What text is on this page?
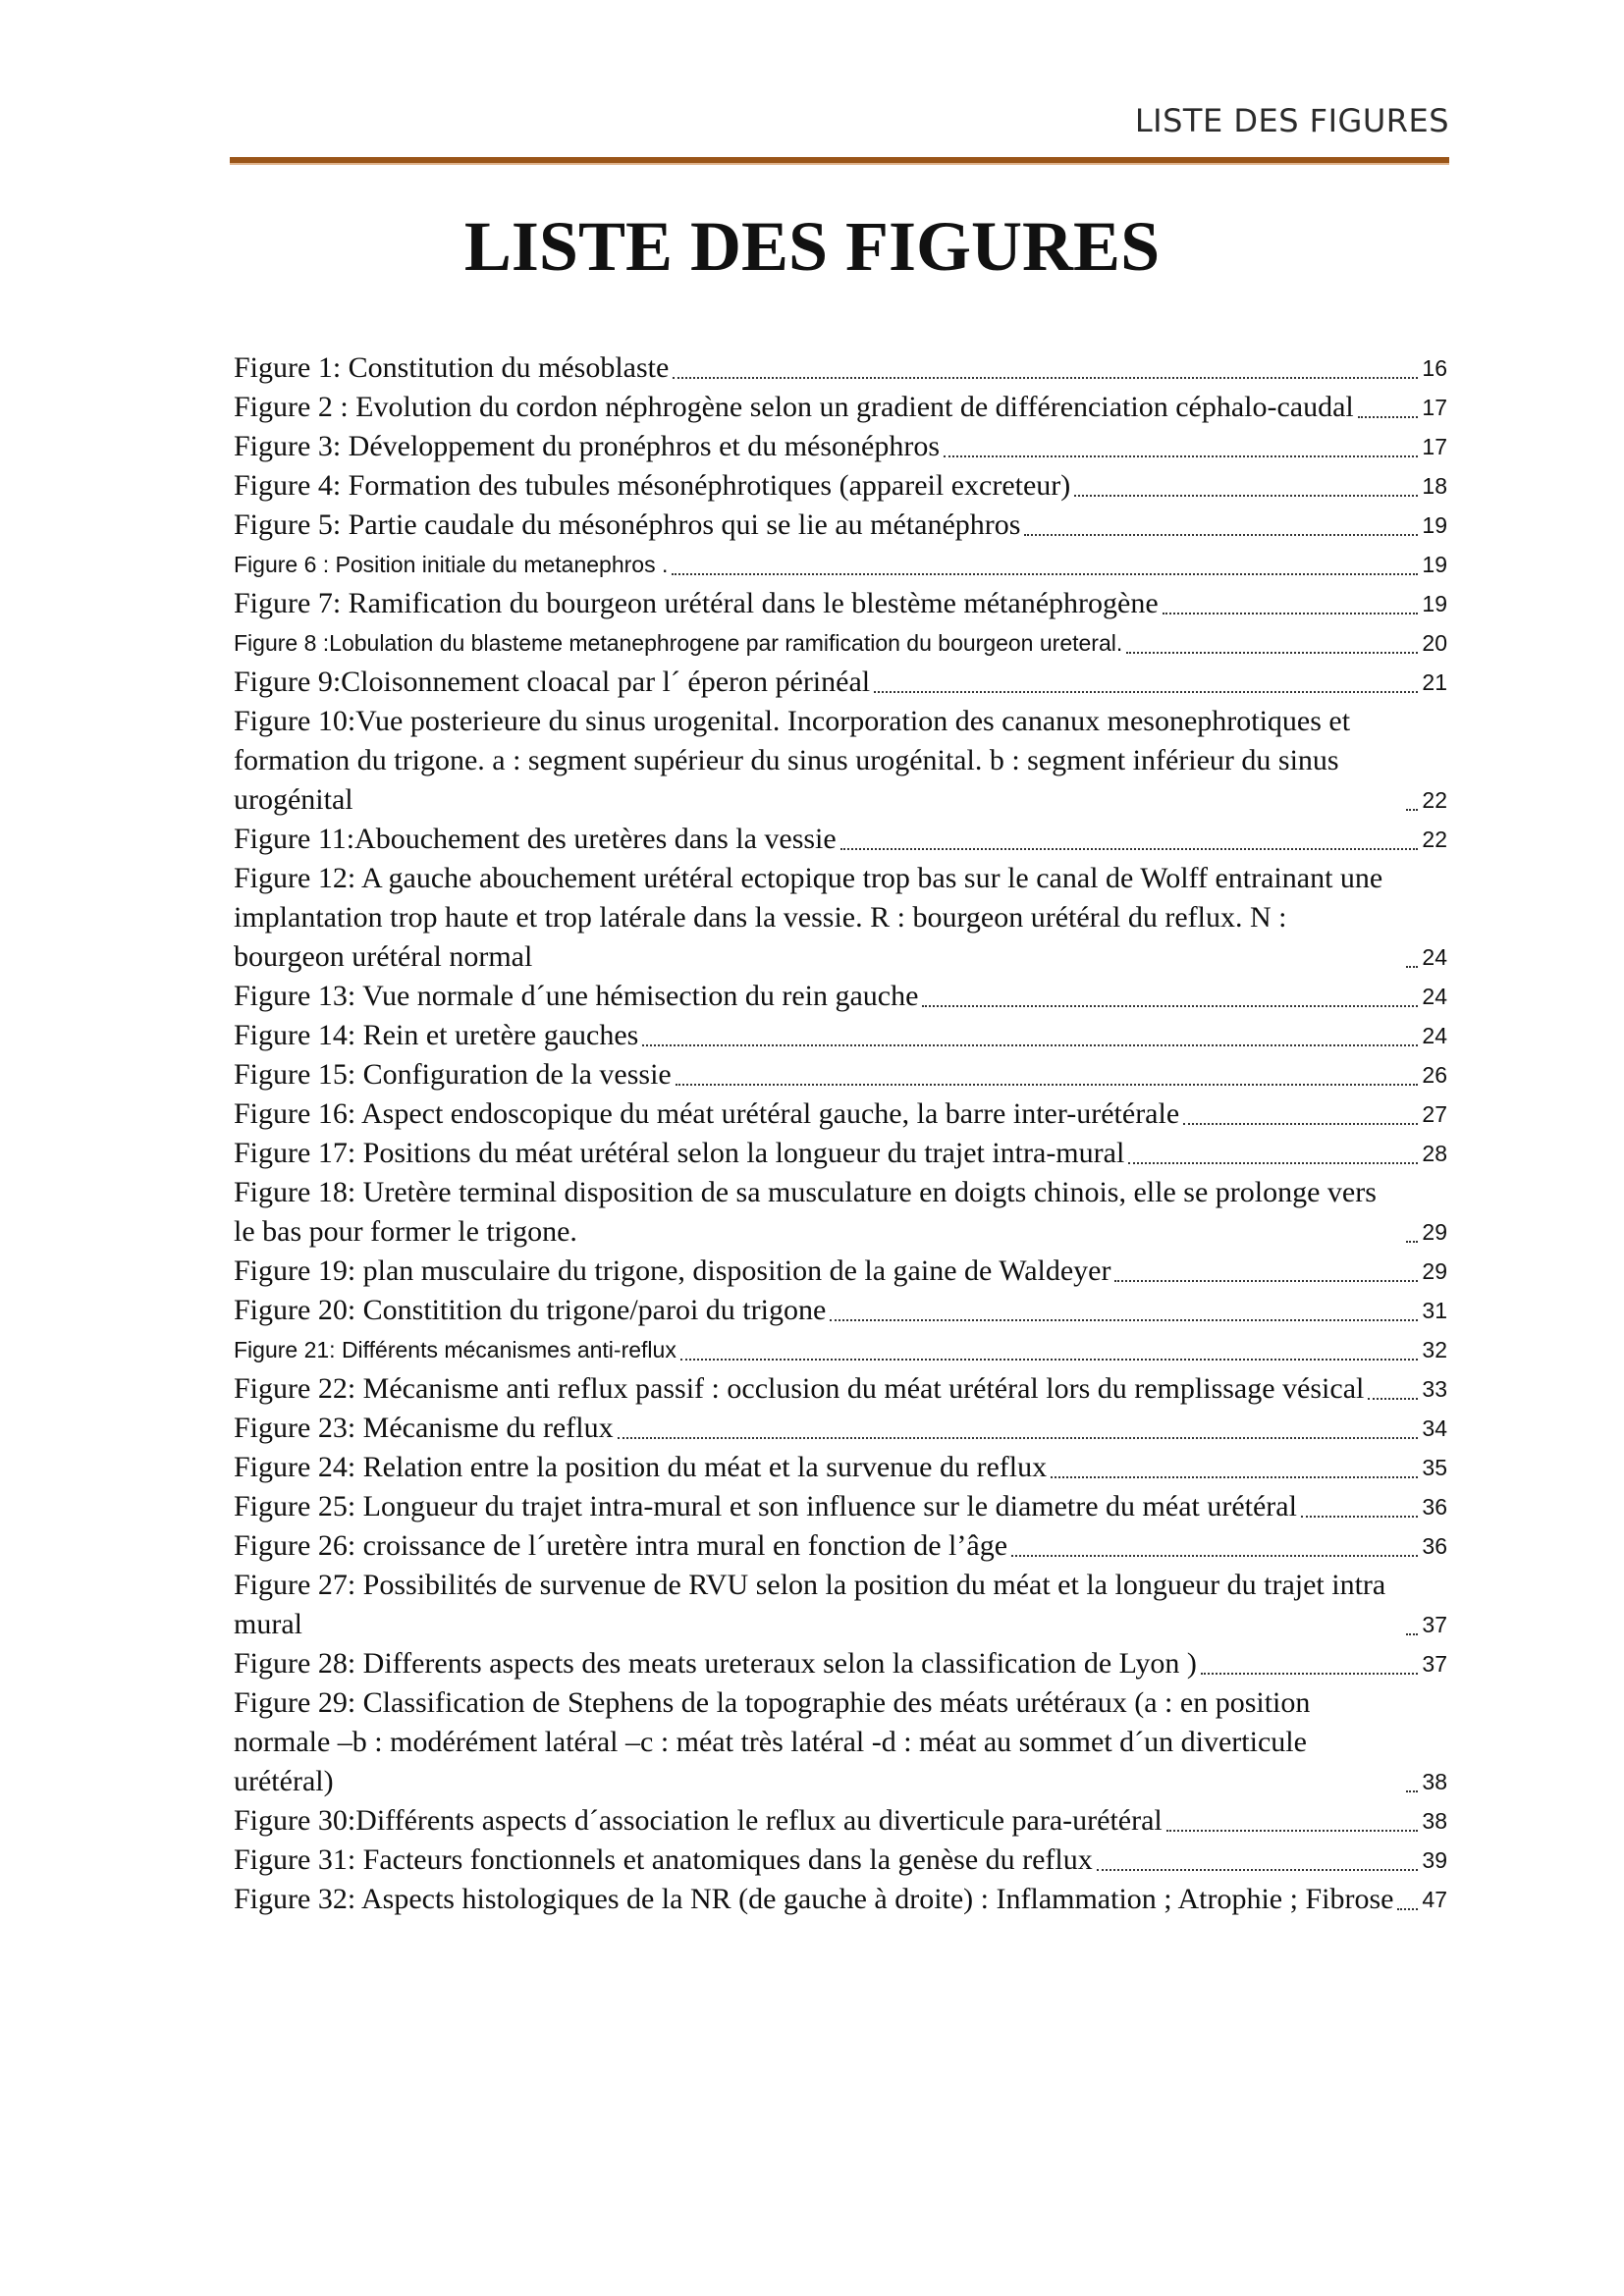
LISTE DES FIGURES
LISTE DES FIGURES
Figure 1: Constitution du mésoblaste	16
Figure 2 : Evolution du cordon néphrogène selon un gradient de différenciation céphalo-caudal	17
Figure 3: Développement du pronéphros et du mésonéphros	17
Figure 4: Formation des tubules mésonéphrotiques (appareil excreteur)	18
Figure 5: Partie caudale du mésonéphros qui se lie au métanéphros	19
Figure 6 : Position initiale du metanephros .	19
Figure 7: Ramification du bourgeon urétéral dans le blestème métanéphrogène	19
Figure 8 :Lobulation du blasteme metanephrogene par ramification du bourgeon ureteral.	20
Figure 9:Cloisonnement cloacal par l´ éperon périnéal	21
Figure 10:Vue posterieure du sinus urogenital. Incorporation des cananux mesonephrotiques et formation du trigone. a : segment supérieur du sinus urogénital. b : segment inférieur du sinus urogénital	22
Figure 11:Abouchement des uretères dans la vessie	22
Figure 12: A gauche abouchement urétéral ectopique trop bas sur le canal de Wolff entrainant une implantation trop haute et trop latérale dans la vessie. R : bourgeon urétéral du reflux. N : bourgeon urétéral normal	24
Figure 13: Vue normale d´une hémisection du rein gauche	24
Figure 14: Rein et uretère gauches	24
Figure 15: Configuration de la vessie	26
Figure 16: Aspect endoscopique du méat urétéral gauche, la barre inter-urétérale	27
Figure 17: Positions du méat urétéral selon la longueur du trajet intra-mural	28
Figure 18: Uretère terminal disposition de sa musculature en doigts chinois, elle se prolonge vers le bas pour former le trigone.	29
Figure 19: plan musculaire du trigone, disposition de la gaine de Waldeyer	29
Figure 20: Constitition du trigone/paroi du trigone	31
Figure 21: Différents mécanismes anti-reflux	32
Figure 22: Mécanisme anti reflux passif : occlusion du méat urétéral lors du remplissage vésical	33
Figure 23: Mécanisme du reflux	34
Figure 24: Relation entre la position du méat et la survenue du reflux	35
Figure 25: Longueur du trajet intra-mural et son influence sur le diametre du méat urétéral	36
Figure 26: croissance de l´uretère intra mural en fonction de l’âge	36
Figure 27: Possibilités de survenue de RVU selon la position du méat et la longueur du trajet intra mural	37
Figure 28: Differents aspects des meats ureteraux selon la classification de Lyon )	37
Figure 29: Classification de Stephens de la topographie des méats urétéraux (a : en position normale –b : modérément latéral –c : méat très latéral -d : méat au sommet d´un diverticule urétéral)	38
Figure 30:Différents aspects d´association le reflux au diverticule para-urétéral	38
Figure 31: Facteurs fonctionnels et anatomiques dans la genèse du reflux	39
Figure 32: Aspects histologiques de la NR (de gauche à droite) : Inflammation ; Atrophie ; Fibrose 47
